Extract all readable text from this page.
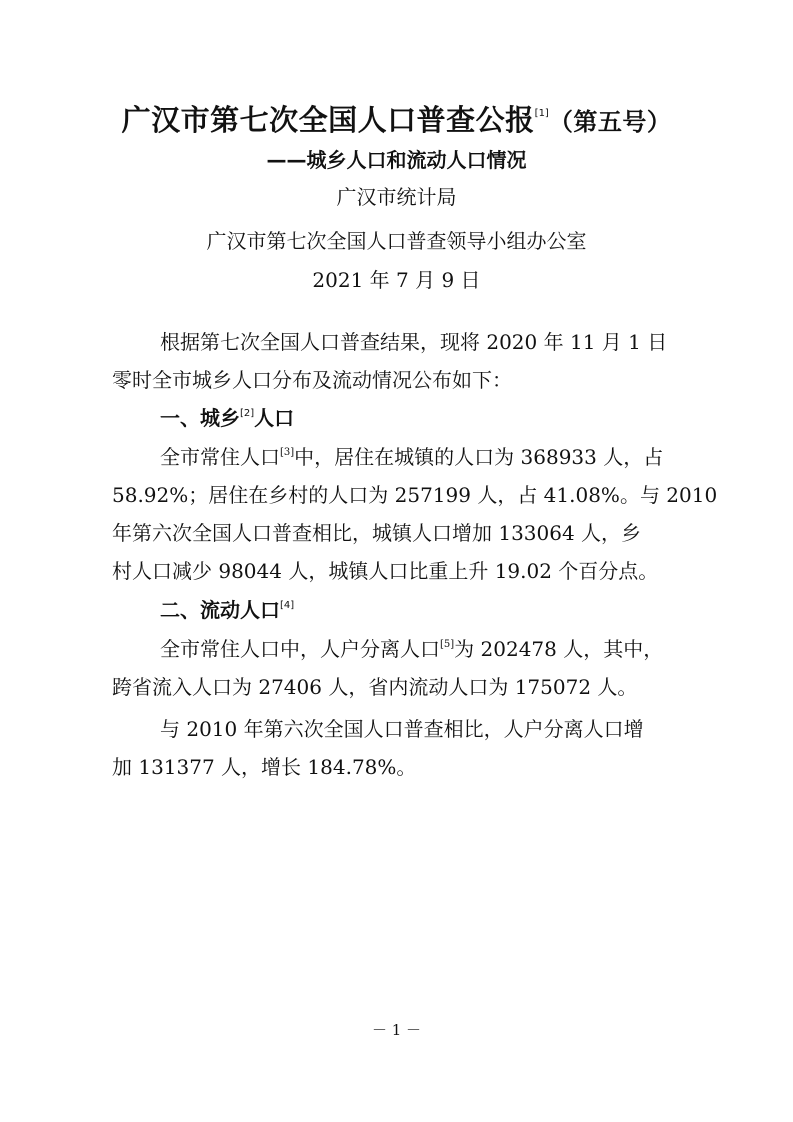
广汉市第七次全国人口普查公报[1]（第五号）
——城乡人口和流动人口情况
广汉市统计局
广汉市第七次全国人口普查领导小组办公室
2021 年 7 月 9 日
根据第七次全国人口普查结果，现将 2020 年 11 月 1 日
零时全市城乡人口分布及流动情况公布如下：
一、城乡[2]人口
全市常住人口[3]中，居住在城镇的人口为 368933 人，占
58.92%；居住在乡村的人口为 257199 人，占 41.08%。与 2010
年第六次全国人口普查相比，城镇人口增加 133064 人，乡
村人口减少 98044 人，城镇人口比重上升 19.02 个百分点。
二、流动人口[4]
全市常住人口中，人户分离人口[5]为 202478 人，其中，
跨省流入人口为 27406 人，省内流动人口为 175072 人。
与 2010 年第六次全国人口普查相比，人户分离人口增
加 131377 人，增长 184.78%。
－ 1 －
